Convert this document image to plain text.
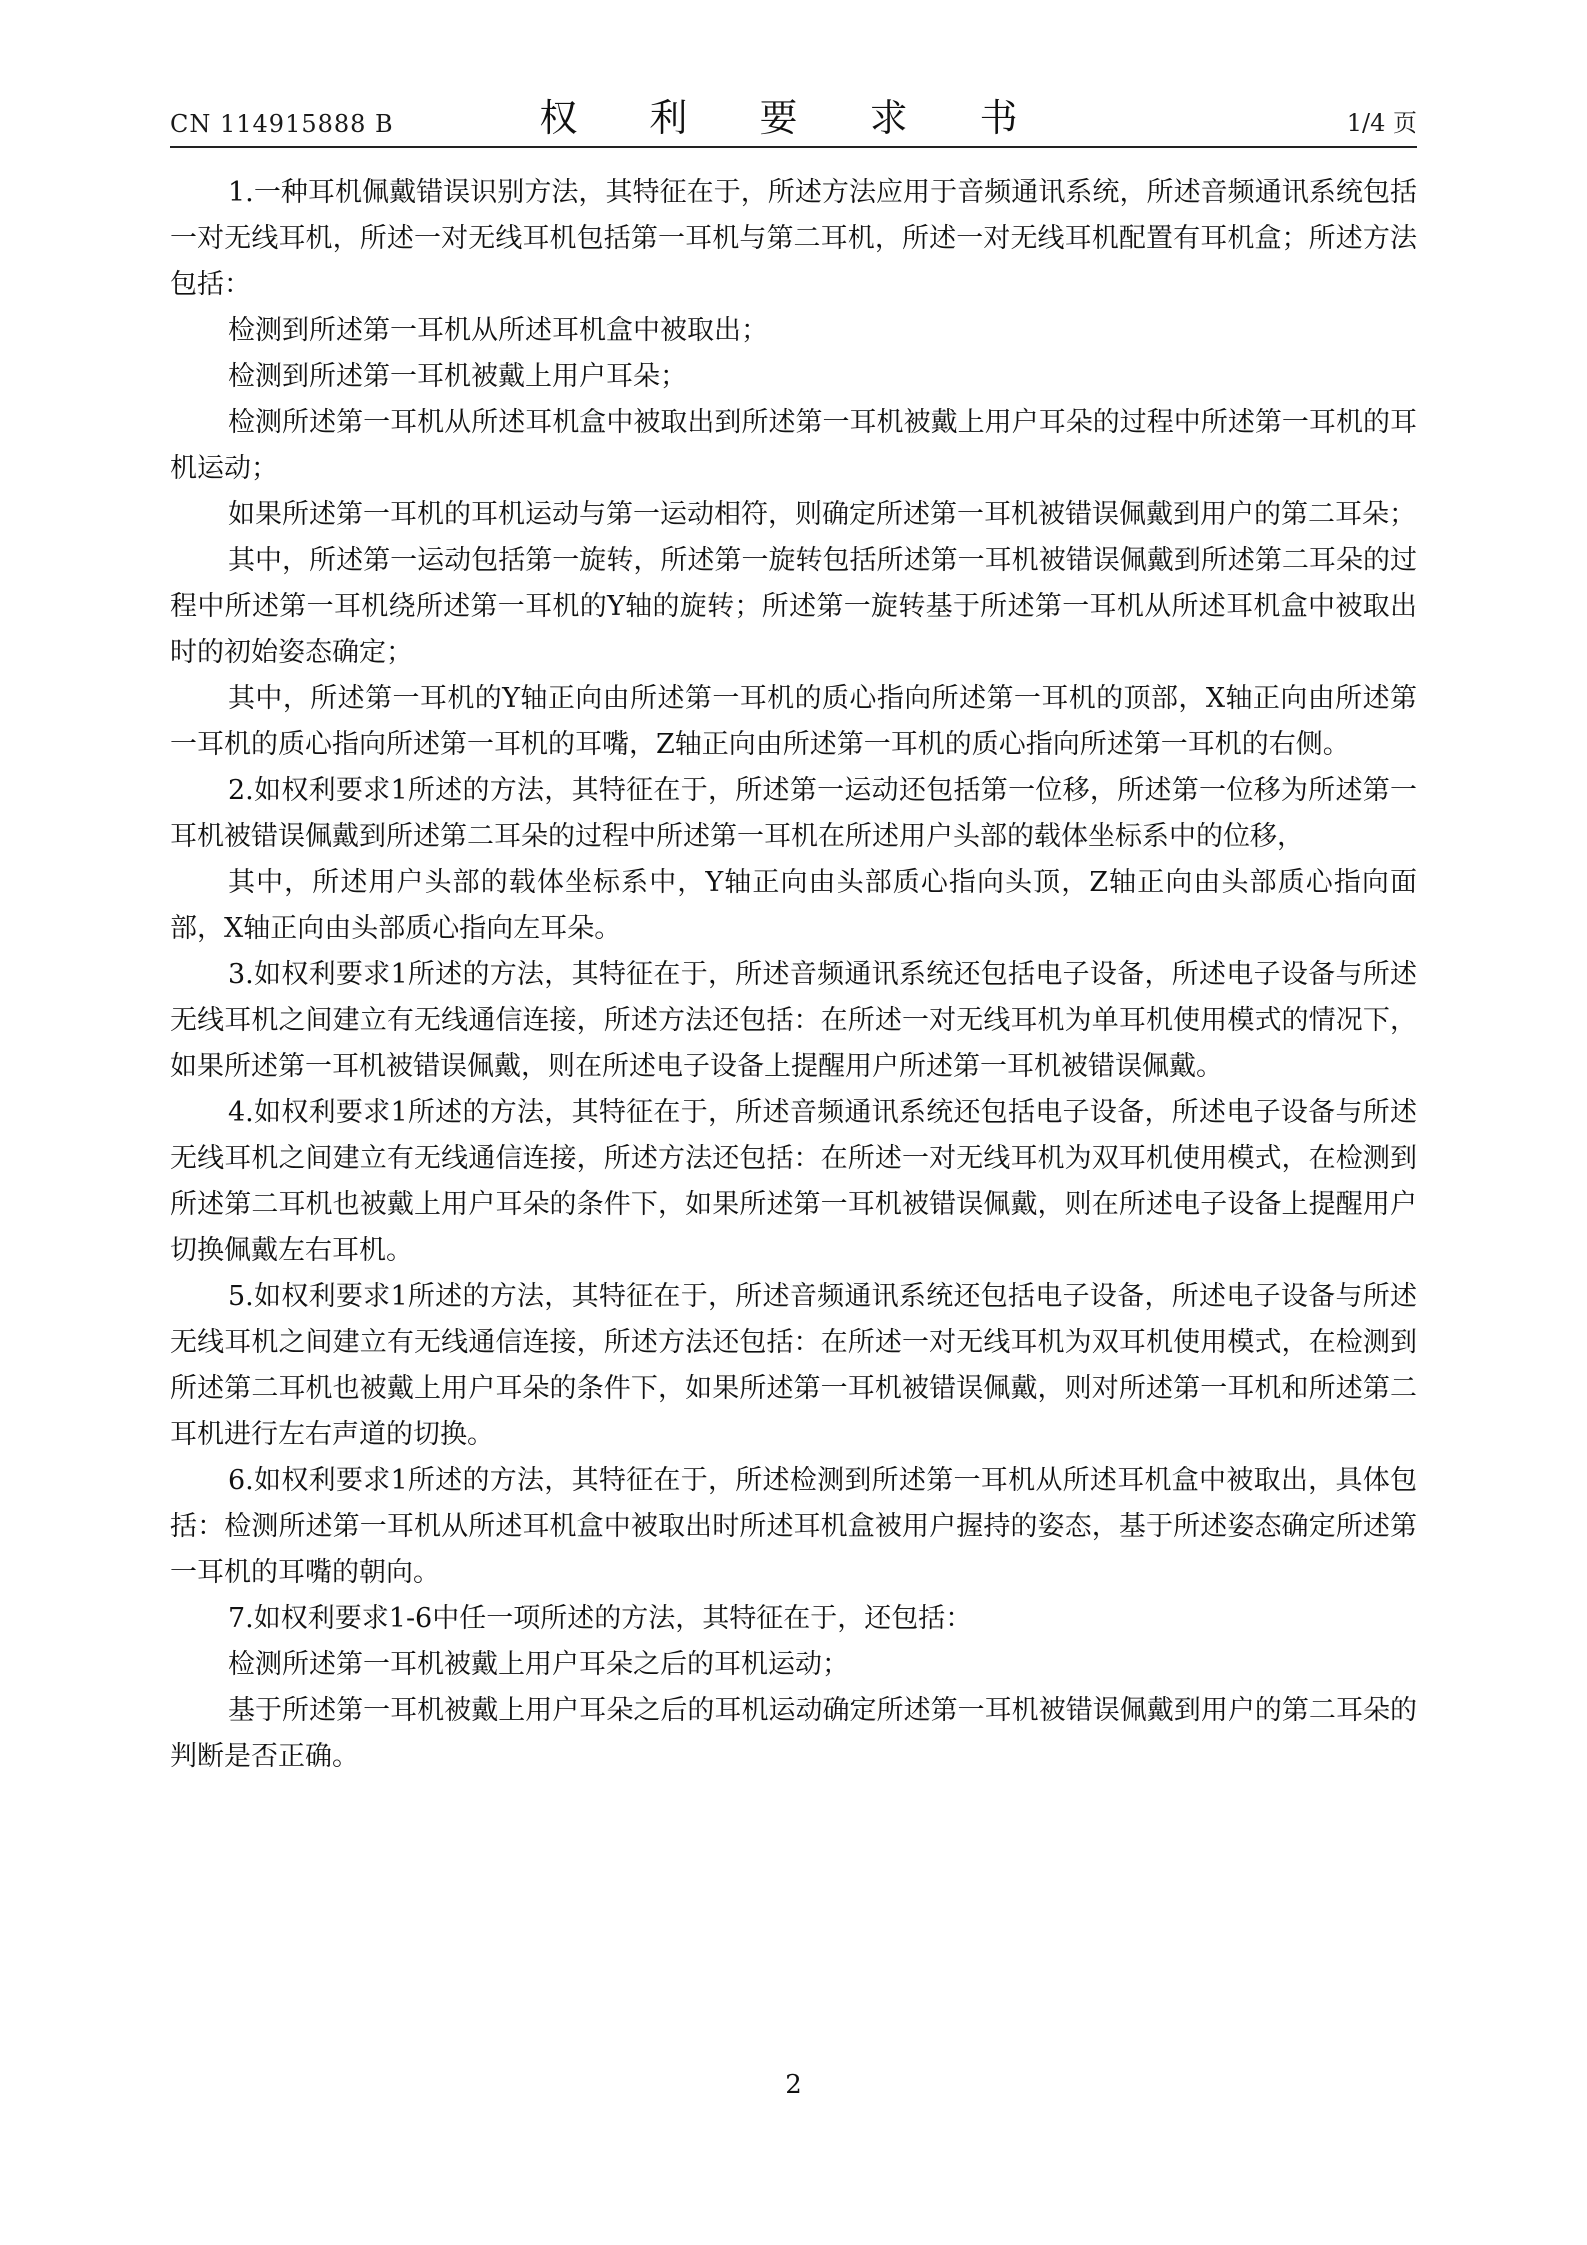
CN 114915888 B	权 利 要 求 书	1/4 页

1.一种耳机佩戴错误识别方法，其特征在于，所述方法应用于音频通讯系统，所述音频通讯系统包括一对无线耳机，所述一对无线耳机包括第一耳机与第二耳机，所述一对无线耳机配置有耳机盒；所述方法包括：

检测到所述第一耳机从所述耳机盒中被取出；

检测到所述第一耳机被戴上用户耳朵；

检测所述第一耳机从所述耳机盒中被取出到所述第一耳机被戴上用户耳朵的过程中所述第一耳机的耳机运动；

如果所述第一耳机的耳机运动与第一运动相符，则确定所述第一耳机被错误佩戴到用户的第二耳朵；

其中，所述第一运动包括第一旋转，所述第一旋转包括所述第一耳机被错误佩戴到所述第二耳朵的过程中所述第一耳机绕所述第一耳机的Y轴的旋转；所述第一旋转基于所述第一耳机从所述耳机盒中被取出时的初始姿态确定；

其中，所述第一耳机的Y轴正向由所述第一耳机的质心指向所述第一耳机的顶部，X轴正向由所述第一耳机的质心指向所述第一耳机的耳嘴，Z轴正向由所述第一耳机的质心指向所述第一耳机的右侧。

2.如权利要求1所述的方法，其特征在于，所述第一运动还包括第一位移，所述第一位移为所述第一耳机被错误佩戴到所述第二耳朵的过程中所述第一耳机在所述用户头部的载体坐标系中的位移，

其中，所述用户头部的载体坐标系中，Y轴正向由头部质心指向头顶，Z轴正向由头部质心指向面部，X轴正向由头部质心指向左耳朵。

3.如权利要求1所述的方法，其特征在于，所述音频通讯系统还包括电子设备，所述电子设备与所述无线耳机之间建立有无线通信连接，所述方法还包括：在所述一对无线耳机为单耳机使用模式的情况下，如果所述第一耳机被错误佩戴，则在所述电子设备上提醒用户所述第一耳机被错误佩戴。

4.如权利要求1所述的方法，其特征在于，所述音频通讯系统还包括电子设备，所述电子设备与所述无线耳机之间建立有无线通信连接，所述方法还包括：在所述一对无线耳机为双耳机使用模式，在检测到所述第二耳机也被戴上用户耳朵的条件下，如果所述第一耳机被错误佩戴，则在所述电子设备上提醒用户切换佩戴左右耳机。

5.如权利要求1所述的方法，其特征在于，所述音频通讯系统还包括电子设备，所述电子设备与所述无线耳机之间建立有无线通信连接，所述方法还包括：在所述一对无线耳机为双耳机使用模式，在检测到所述第二耳机也被戴上用户耳朵的条件下，如果所述第一耳机被错误佩戴，则对所述第一耳机和所述第二耳机进行左右声道的切换。

6.如权利要求1所述的方法，其特征在于，所述检测到所述第一耳机从所述耳机盒中被取出，具体包括：检测所述第一耳机从所述耳机盒中被取出时所述耳机盒被用户握持的姿态，基于所述姿态确定所述第一耳机的耳嘴的朝向。

7.如权利要求1-6中任一项所述的方法，其特征在于，还包括：

检测所述第一耳机被戴上用户耳朵之后的耳机运动；

基于所述第一耳机被戴上用户耳朵之后的耳机运动确定所述第一耳机被错误佩戴到用户的第二耳朵的判断是否正确。

2
